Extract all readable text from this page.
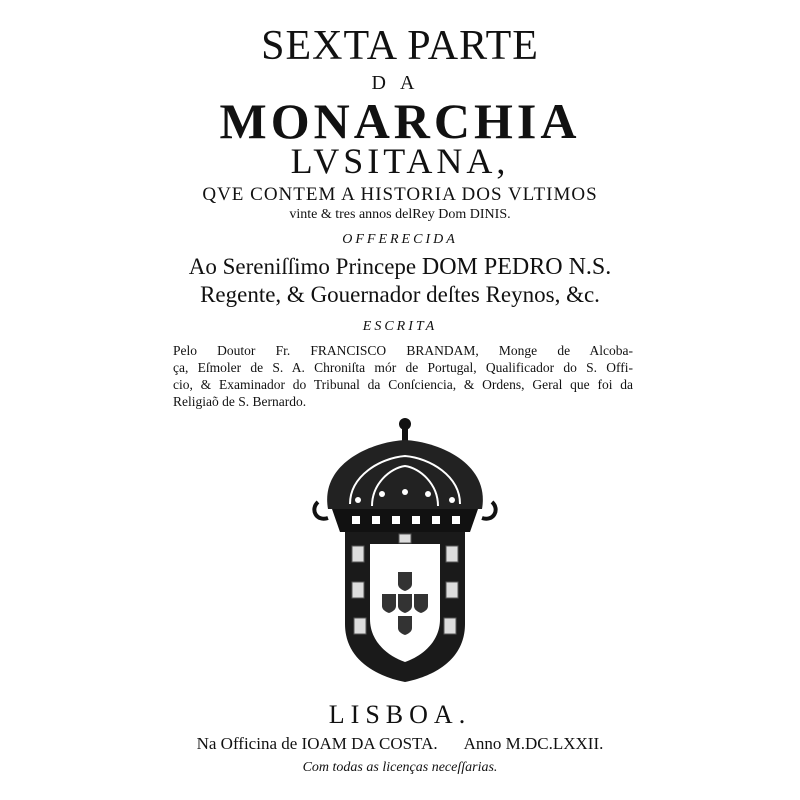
SEXTA PARTE
DA
MONARCHIA
LVSITANA,
QVE CONTEM A HISTORIA DOS VLTIMOS
vinte & tres annos delRey Dom DINIS.
OFFERECIDA
Ao Sereniſſimo Princepe DOM PEDRO N.S.
Regente, & Gouernador deſtes Reynos, &c.
ESCRITA
Pelo Doutor Fr. FRANCISCO BRANDAM, Monge de Alcoba-
ça, Eſmoler de S. A. Chroniſta mór de Portugal, Qualificador do S. Offi-
cio, & Examinador do Tribunal da Conſciencia, & Ordens, Geral que foi da
Religiaõ de S. Bernardo.
LISBOA.
Na Officina de IOAM DA COSTA. Anno M.DC.LXXII.
Com todas as licenças neceſſarias.
